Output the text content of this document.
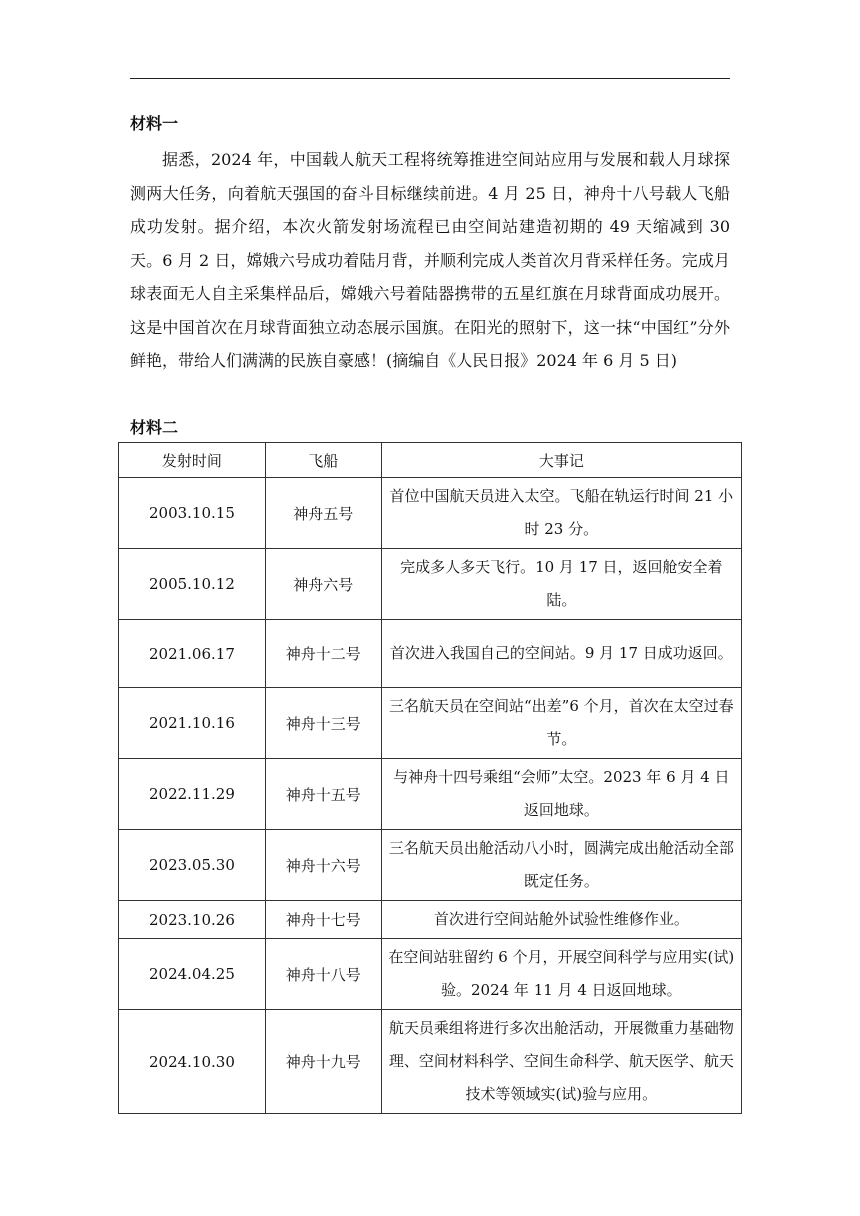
材料一

据悉，2024 年，中国载人航天工程将统筹推进空间站应用与发展和载人月球探测两大任务，向着航天强国的奋斗目标继续前进。4 月 25 日，神舟十八号载人飞船成功发射。据介绍，本次火箭发射场流程已由空间站建造初期的 49 天缩减到 30 天。6 月 2 日，嫦娥六号成功着陆月背，并顺利完成人类首次月背采样任务。完成月球表面无人自主采集样品后，嫦娥六号着陆器携带的五星红旗在月球背面成功展开。这是中国首次在月球背面独立动态展示国旗。在阳光的照射下，这一抹“中国红”分外鲜艳，带给人们满满的民族自豪感！(摘编自《人民日报》2024 年 6 月 5 日)

材料二
发射时间	飞船	大事记
2003.10.15	神舟五号	首位中国航天员进入太空。飞船在轨运行时间 21 小时 23 分。
2005.10.12	神舟六号	完成多人多天飞行。10 月 17 日，返回舱安全着陆。
2021.06.17	神舟十二号	首次进入我国自己的空间站。9 月 17 日成功返回。
2021.10.16	神舟十三号	三名航天员在空间站“出差”6 个月，首次在太空过春节。
2022.11.29	神舟十五号	与神舟十四号乘组“会师”太空。2023 年 6 月 4 日返回地球。
2023.05.30	神舟十六号	三名航天员出舱活动八小时，圆满完成出舱活动全部既定任务。
2023.10.26	神舟十七号	首次进行空间站舱外试验性维修作业。
2024.04.25	神舟十八号	在空间站驻留约 6 个月，开展空间科学与应用实(试)验。2024 年 11 月 4 日返回地球。
2024.10.30	神舟十九号	航天员乘组将进行多次出舱活动，开展微重力基础物理、空间材料科学、空间生命科学、航天医学、航天技术等领域实(试)验与应用。
